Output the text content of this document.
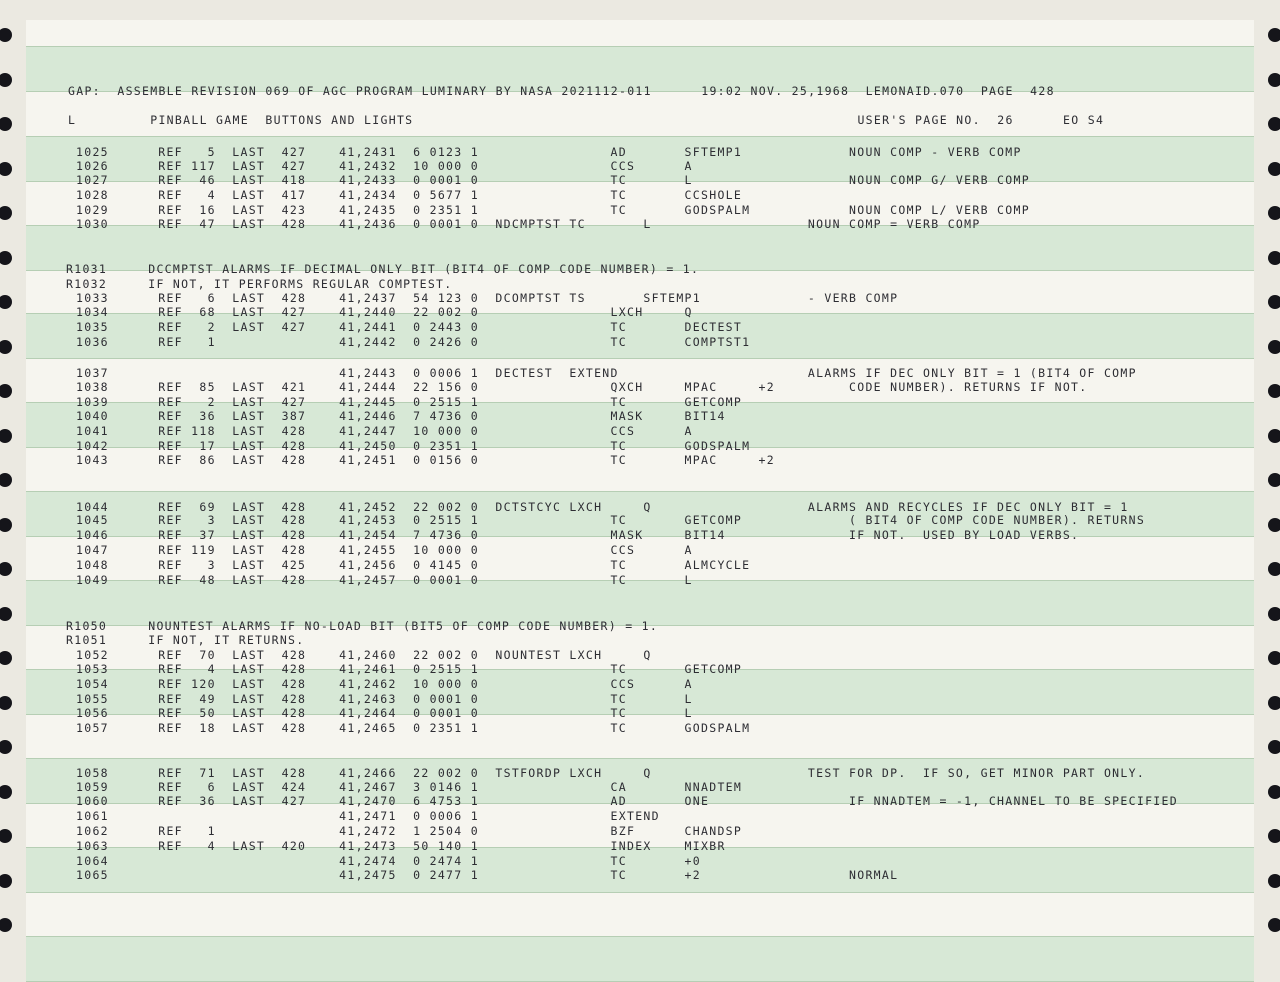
GAP:  ASSEMBLE REVISION 069 OF AGC PROGRAM LUMINARY BY NASA 2021112-011      19:02 NOV. 25,1968  LEMONAID.070  PAGE  428
L         PINBALL GAME  BUTTONS AND LIGHTS                                                      USER'S PAGE NO.  26      EO S4
1025      REF   5  LAST  427    41,2431  6 0123 1                AD       SFTEMP1             NOUN COMP - VERB COMP
1026      REF 117  LAST  427    41,2432  10 000 0                CCS      A
1027      REF  46  LAST  418    41,2433  0 0001 0                TC       L                   NOUN COMP G/ VERB COMP
1028      REF   4  LAST  417    41,2434  0 5677 1                TC       CCSHOLE
1029      REF  16  LAST  423    41,2435  0 2351 1                TC       GODSPALM            NOUN COMP L/ VERB COMP
1030      REF  47  LAST  428    41,2436  0 0001 0  NDCMPTST TC       L                   NOUN COMP = VERB COMP
R1031     DCCMPTST ALARMS IF DECIMAL ONLY BIT (BIT4 OF COMP CODE NUMBER) = 1.
R1032     IF NOT, IT PERFORMS REGULAR COMPTEST.
1033      REF   6  LAST  428    41,2437  54 123 0  DCOMPTST TS       SFTEMP1             - VERB COMP
1034      REF  68  LAST  427    41,2440  22 002 0                LXCH     Q
1035      REF   2  LAST  427    41,2441  0 2443 0                TC       DECTEST
1036      REF   1               41,2442  0 2426 0                TC       COMPTST1
1037                            41,2443  0 0006 1  DECTEST  EXTEND                       ALARMS IF DEC ONLY BIT = 1 (BIT4 OF COMP
1038      REF  85  LAST  421    41,2444  22 156 0                QXCH     MPAC     +2         CODE NUMBER). RETURNS IF NOT.
1039      REF   2  LAST  427    41,2445  0 2515 1                TC       GETCOMP
1040      REF  36  LAST  387    41,2446  7 4736 0                MASK     BIT14
1041      REF 118  LAST  428    41,2447  10 000 0                CCS      A
1042      REF  17  LAST  428    41,2450  0 2351 1                TC       GODSPALM
1043      REF  86  LAST  428    41,2451  0 0156 0                TC       MPAC     +2
1044      REF  69  LAST  428    41,2452  22 002 0  DCTSTCYC LXCH     Q                   ALARMS AND RECYCLES IF DEC ONLY BIT = 1
1045      REF   3  LAST  428    41,2453  0 2515 1                TC       GETCOMP             ( BIT4 OF COMP CODE NUMBER). RETURNS
1046      REF  37  LAST  428    41,2454  7 4736 0                MASK     BIT14               IF NOT.  USED BY LOAD VERBS.
1047      REF 119  LAST  428    41,2455  10 000 0                CCS      A
1048      REF   3  LAST  425    41,2456  0 4145 0                TC       ALMCYCLE
1049      REF  48  LAST  428    41,2457  0 0001 0                TC       L
R1050     NOUNTEST ALARMS IF NO-LOAD BIT (BIT5 OF COMP CODE NUMBER) = 1.
R1051     IF NOT, IT RETURNS.
1052      REF  70  LAST  428    41,2460  22 002 0  NOUNTEST LXCH     Q
1053      REF   4  LAST  428    41,2461  0 2515 1                TC       GETCOMP
1054      REF 120  LAST  428    41,2462  10 000 0                CCS      A
1055      REF  49  LAST  428    41,2463  0 0001 0                TC       L
1056      REF  50  LAST  428    41,2464  0 0001 0                TC       L
1057      REF  18  LAST  428    41,2465  0 2351 1                TC       GODSPALM
1058      REF  71  LAST  428    41,2466  22 002 0  TSTFORDP LXCH     Q                   TEST FOR DP.  IF SO, GET MINOR PART ONLY.
1059      REF   6  LAST  424    41,2467  3 0146 1                CA       NNADTEM
1060      REF  36  LAST  427    41,2470  6 4753 1                AD       ONE                 IF NNADTEM = -1, CHANNEL TO BE SPECIFIED
1061                            41,2471  0 0006 1                EXTEND
1062      REF   1               41,2472  1 2504 0                BZF      CHANDSP
1063      REF   4  LAST  420    41,2473  50 140 1                INDEX    MIXBR
1064                            41,2474  0 2474 1                TC       +0
1065                            41,2475  0 2477 1                TC       +2                  NORMAL
